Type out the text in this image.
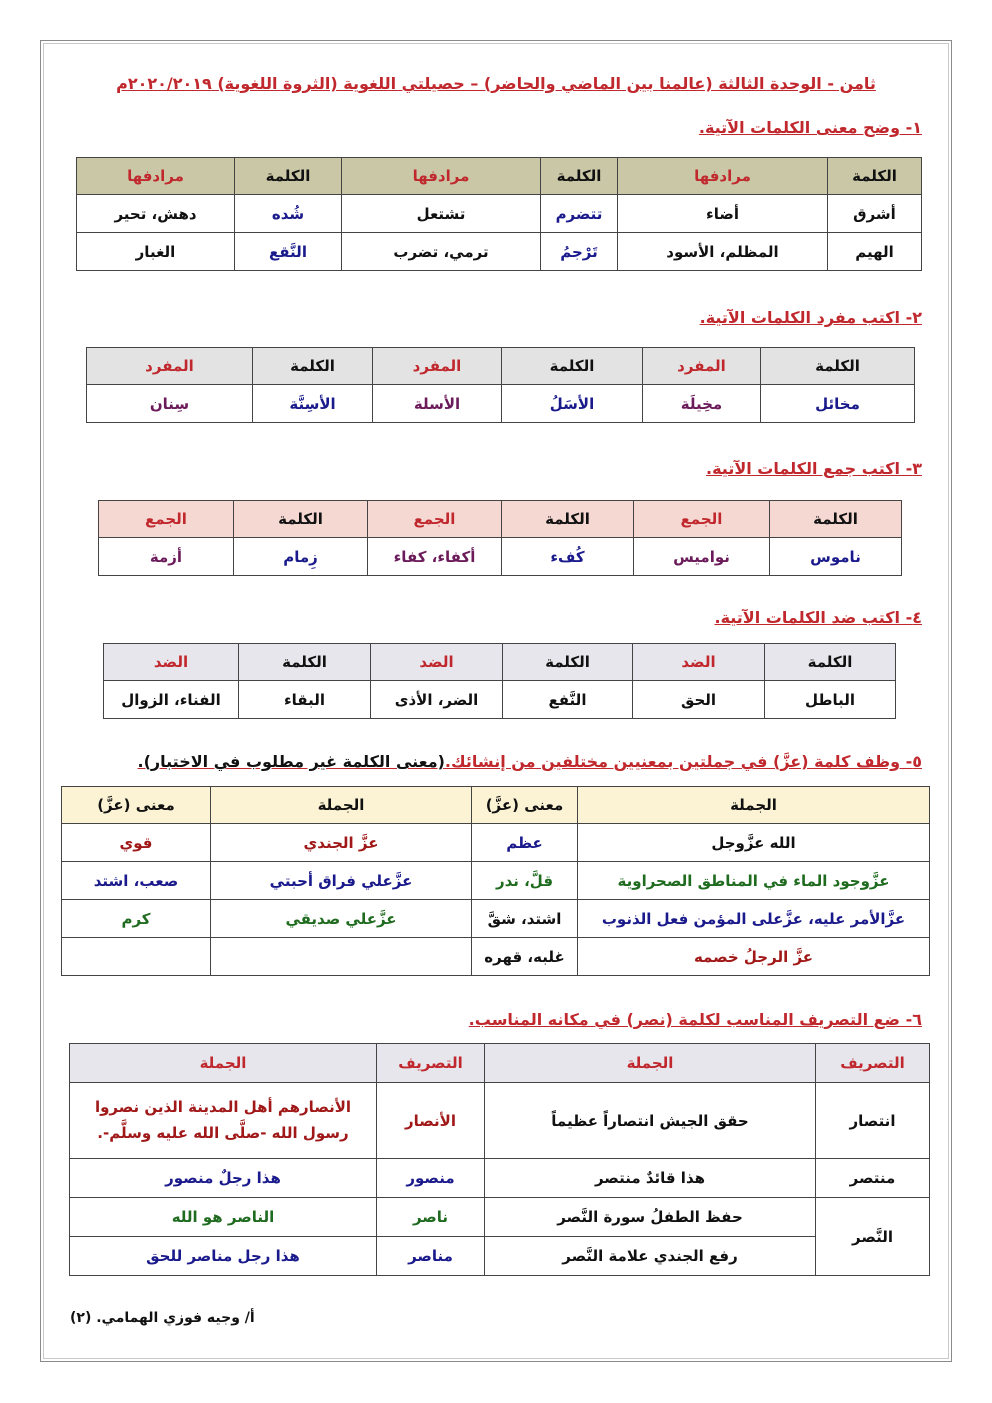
ثامن - الوحدة الثالثة (عالمنا بين الماضي والحاضر) – حصيلتي اللغوية (الثروة اللغوية) ٢٠٢٠/٢٠١٩م
١- وضح معنى الكلمات الآتية.
الكلمة	مرادفها	الكلمة	مرادفها	الكلمة	مرادفها
أشرق	أضاء	تتضرم	تشتعل	شُده	دهش، تحير
الهيم	المظلم، الأسود	تَرْجمُ	ترمي، تضرب	النَّقع	الغبار
٢- اكتب مفرد الكلمات الآتية.
الكلمة	المفرد	الكلمة	المفرد	الكلمة	المفرد
مخائل	مخِيلَة	الأسَلُ	الأسلة	الأسِنَّة	سِنان
٣- اكتب جمع الكلمات الآتية.
الكلمة	الجمع	الكلمة	الجمع	الكلمة	الجمع
ناموس	نواميس	كُفء	أكفاء، كفاء	زِمام	أزمة
٤- اكتب ضد الكلمات الآتية.
الكلمة	الضد	الكلمة	الضد	الكلمة	الضد
الباطل	الحق	النَّفع	الضر، الأذى	البقاء	الفناء، الزوال
٥- وظف كلمة (عزَّ) في جملتين بمعنيين مختلفين من إنشائك.(معنى الكلمة غير مطلوب في الاختبار).
الجملة	معنى (عزَّ)	الجملة	معنى (عزَّ)
الله عزَّوجل	عظم	عزَّ الجندي	قوي
عزَّوجود الماء في المناطق الصحراوية	قلَّ، ندر	عزَّعلي فراق أحبتي	صعب، اشتد
عزَّالأمر عليه، عزَّعلى المؤمن فعل الذنوب	اشتد، شقَّ	عزَّعلي صديقي	كرم
عزَّ الرجلُ خصمه	غلبه، قهره		
٦- ضع التصريف المناسب لكلمة (نصر) في مكانه المناسب.
التصريف	الجملة	التصريف	الجملة
انتصار	حقق الجيش انتصاراً عظيماً	الأنصار	الأنصارهم أهل المدينة الذين نصروا رسول الله -صلَّى الله عليه وسلَّم-.
منتصر	هذا قائدٌ منتصر	منصور	هذا رجلٌ منصور
النَّصر	حفظ الطفلُ سورة النَّصر	ناصر	الناصر هو الله
	رفع الجندي علامة النَّصر	مناصر	هذا رجل مناصر للحق
أ/ وجيه فوزي الهمامي. (٢)
